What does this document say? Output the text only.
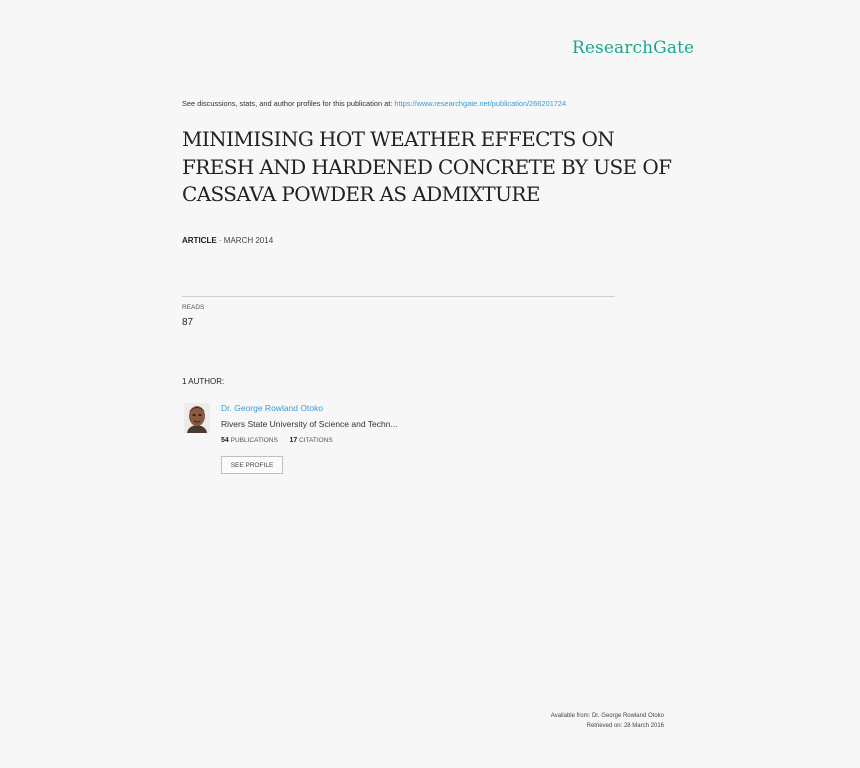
ResearchGate
See discussions, stats, and author profiles for this publication at: https://www.researchgate.net/publication/266201724
MINIMISING HOT WEATHER EFFECTS ON FRESH AND HARDENED CONCRETE BY USE OF CASSAVA POWDER AS ADMIXTURE
ARTICLE · MARCH 2014
READS
87
1 AUTHOR:
Dr. George Rowland Otoko
Rivers State University of Science and Techn...
54 PUBLICATIONS 17 CITATIONS
SEE PROFILE
Available from: Dr. George Rowland Otoko
Retrieved on: 28 March 2016
